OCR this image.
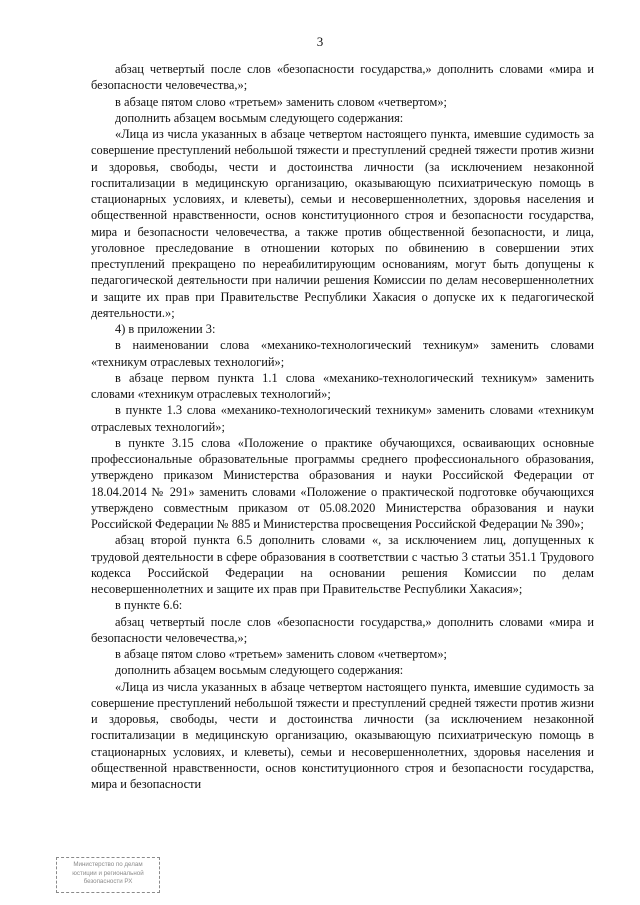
3

абзац четвертый после слов «безопасности государства,» дополнить словами «мира и безопасности человечества,»;

в абзаце пятом слово «третьем» заменить словом «четвертом»;

дополнить абзацем восьмым следующего содержания:

«Лица из числа указанных в абзаце четвертом настоящего пункта, имевшие судимость за совершение преступлений небольшой тяжести и преступлений средней тяжести против жизни и здоровья, свободы, чести и достоинства личности (за исключением незаконной госпитализации в медицинскую организацию, оказывающую психиатрическую помощь в стационарных условиях, и клеветы), семьи и несовершеннолетних, здоровья населения и общественной нравственности, основ конституционного строя и безопасности государства, мира и безопасности человечества, а также против общественной безопасности, и лица, уголовное преследование в отношении которых по обвинению в совершении этих преступлений прекращено по нереабилитирующим основаниям, могут быть допущены к педагогической деятельности при наличии решения Комиссии по делам несовершеннолетних и защите их прав при Правительстве Республики Хакасия о допуске их к педагогической деятельности.»;

4) в приложении 3:

в наименовании слова «механико-технологический техникум» заменить словами «техникум отраслевых технологий»;

в абзаце первом пункта 1.1 слова «механико-технологический техникум» заменить словами «техникум отраслевых технологий»;

в пункте 1.3 слова «механико-технологический техникум» заменить словами «техникум отраслевых технологий»;

в пункте 3.15 слова «Положение о практике обучающихся, осваивающих основные профессиональные образовательные программы среднего профессионального образования, утверждено приказом Министерства образования и науки Российской Федерации от 18.04.2014 № 291» заменить словами «Положение о практической подготовке обучающихся утверждено совместным приказом от 05.08.2020 Министерства образования и науки Российской Федерации № 885 и Министерства просвещения Российской Федерации № 390»;

абзац второй пункта 6.5 дополнить словами «, за исключением лиц, допущенных к трудовой деятельности в сфере образования в соответствии с частью 3 статьи 351.1 Трудового кодекса Российской Федерации на основании решения Комиссии по делам несовершеннолетних и защите их прав при Правительстве Республики Хакасия»;

в пункте 6.6:

абзац четвертый после слов «безопасности государства,» дополнить словами «мира и безопасности человечества,»;

в абзаце пятом слово «третьем» заменить словом «четвертом»;

дополнить абзацем восьмым следующего содержания:

«Лица из числа указанных в абзаце четвертом настоящего пункта, имевшие судимость за совершение преступлений небольшой тяжести и преступлений средней тяжести против жизни и здоровья, свободы, чести и достоинства личности (за исключением незаконной госпитализации в медицинскую организацию, оказывающую психиатрическую помощь в стационарных условиях, и клеветы), семьи и несовершеннолетних, здоровья населения и общественной нравственности, основ конституционного строя и безопасности государства, мира и безопасности

Министерство по делам
юстиции и региональной
безопасности РХ
